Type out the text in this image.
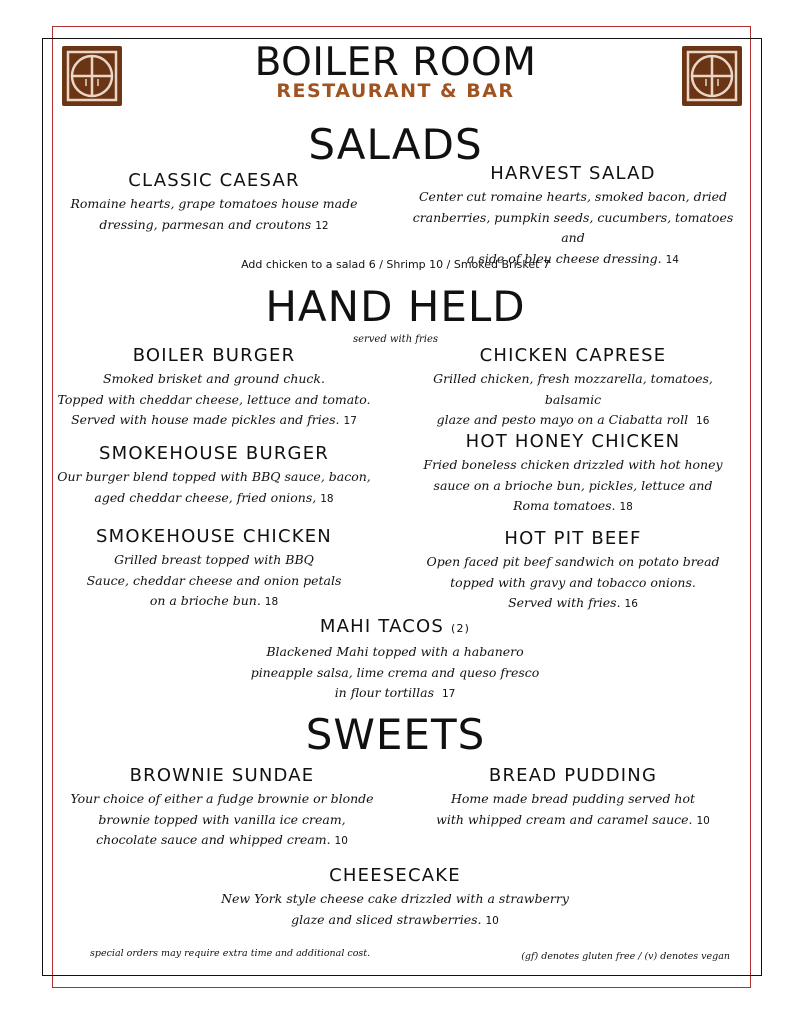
BOILER ROOM
RESTAURANT & BAR
SALADS
CLASSIC CAESAR
Romaine hearts, grape tomatoes house made
dressing, parmesan and croutons 12
HARVEST SALAD
Center cut romaine hearts, smoked bacon, dried
cranberries, pumpkin seeds, cucumbers, tomatoes and
a side of bleu cheese dressing. 14
Add chicken to a salad 6 / Shrimp 10 / Smoked Brisket 7
HAND HELD
served with fries
BOILER BURGER
Smoked brisket and ground chuck.
Topped with cheddar cheese, lettuce and tomato.
Served with house made pickles and fries. 17
CHICKEN CAPRESE
Grilled chicken, fresh mozzarella, tomatoes, balsamic
glaze and pesto mayo on a Ciabatta roll 16
SMOKEHOUSE BURGER
Our burger blend topped with BBQ sauce, bacon,
aged cheddar cheese, fried onions, 18
HOT HONEY CHICKEN
Fried boneless chicken drizzled with hot honey
sauce on a brioche bun, pickles, lettuce and
Roma tomatoes. 18
SMOKEHOUSE CHICKEN
Grilled breast topped with BBQ
Sauce, cheddar cheese and onion petals
on a brioche bun. 18
HOT PIT BEEF
Open faced pit beef sandwich on potato bread
topped with gravy and tobacco onions.
Served with fries. 16
MAHI TACOS (2)
Blackened Mahi topped with a habanero
pineapple salsa, lime crema and queso fresco
in flour tortillas 17
SWEETS
BROWNIE SUNDAE
Your choice of either a fudge brownie or blonde
brownie topped with vanilla ice cream,
chocolate sauce and whipped cream. 10
BREAD PUDDING
Home made bread pudding served hot
with whipped cream and caramel sauce. 10
CHEESECAKE
New York style cheese cake drizzled with a strawberry
glaze and sliced strawberries. 10
special orders may require extra time and additional cost.	(gf) denotes gluten free / (v) denotes vegan
